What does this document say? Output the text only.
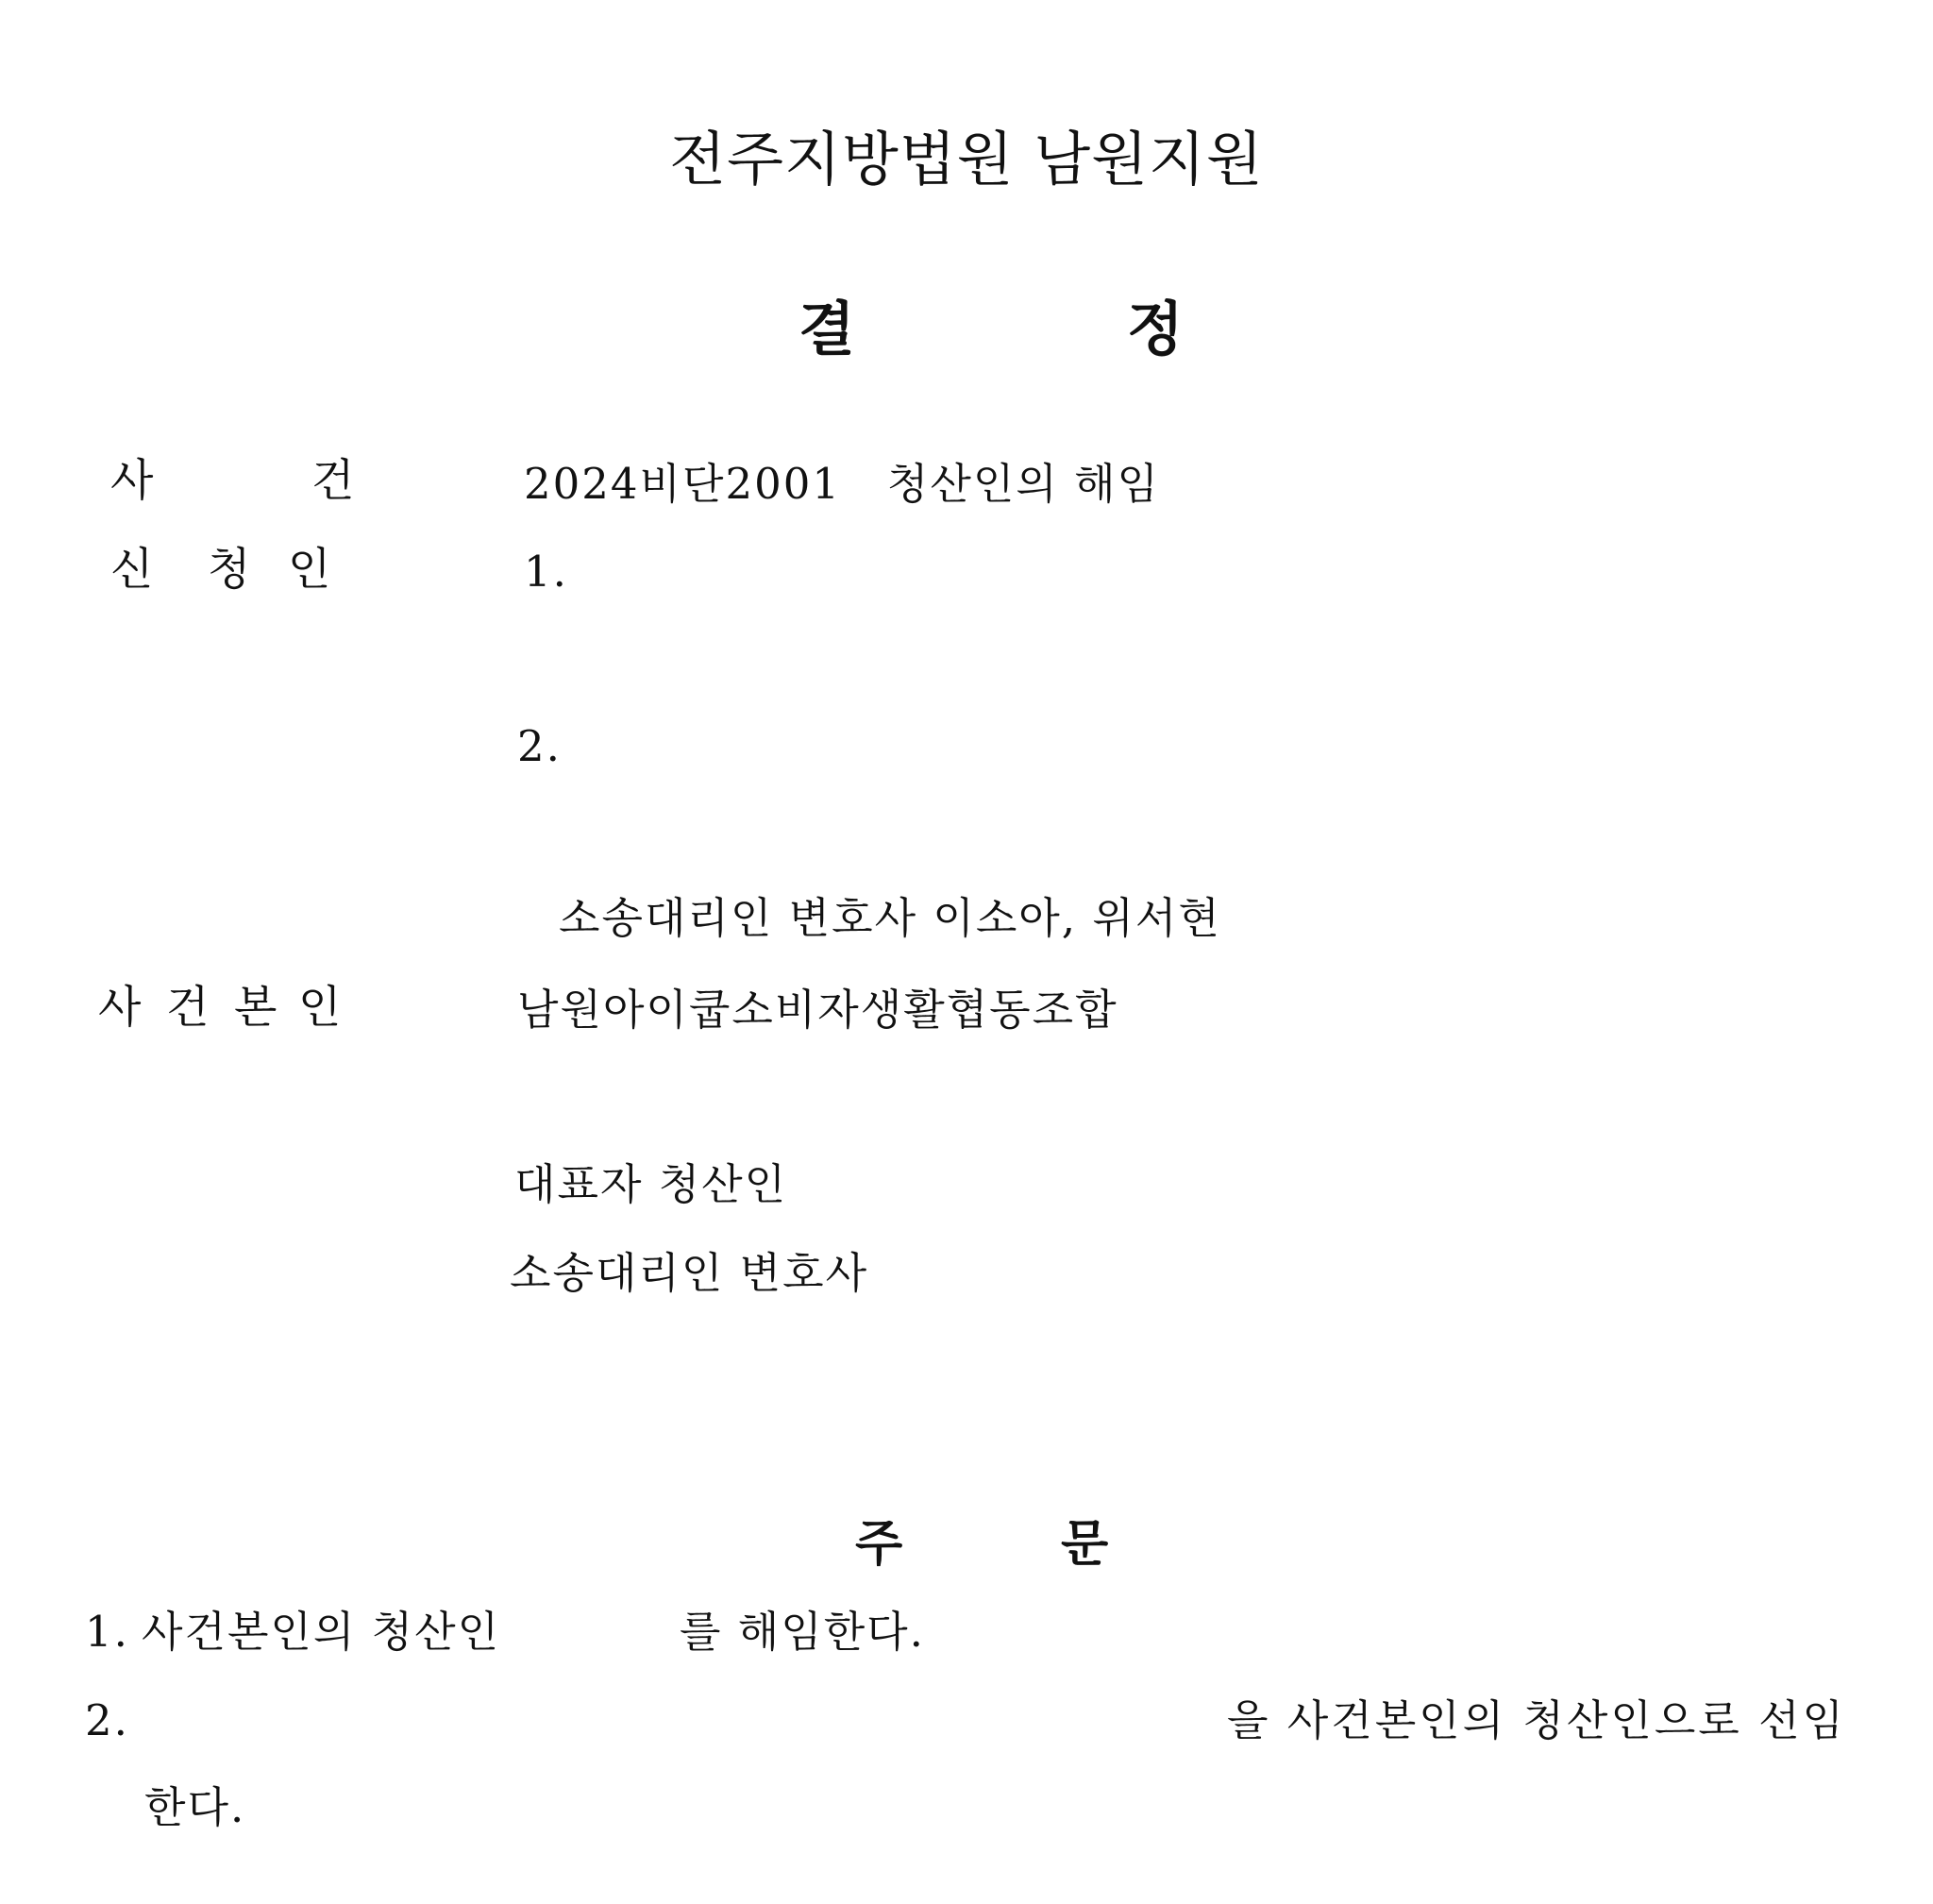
전주지방법원 남원지원
결	정
사	건	2024비단2001   청산인의 해임
신 청 인	1.
2.
소송대리인 변호사 이소아, 위서현
사 건 본 인	남원아이쿱소비자생활협동조합
대표자 청산인
소송대리인 변호사
주	문
1. 사건본인의 청산인	를 해임한다.
2.	을 사건본인의 청산인으로 선임
한다.
